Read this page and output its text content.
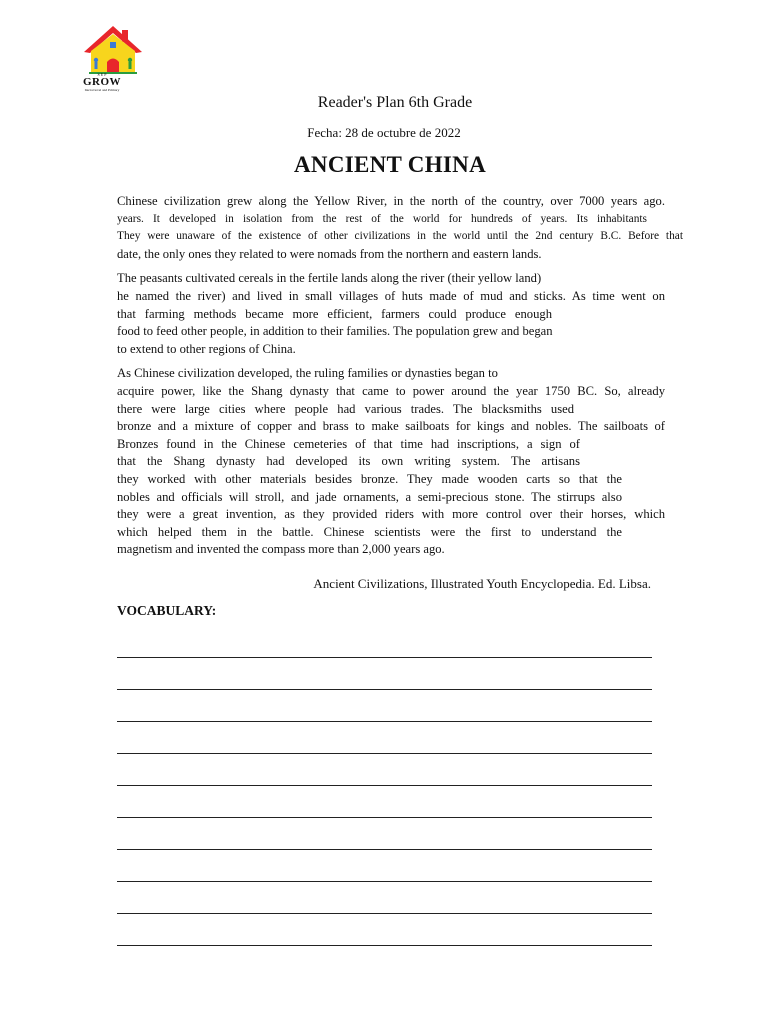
S E P
GROW
Inicial level and Primary
Reader's Plan 6th Grade
Fecha: 28 de octubre de 2022
ANCIENT CHINA
Chinese civilization grew along the Yellow River, in the north of the country, over 7000 years ago.
years. It developed in isolation from the rest of the world for hundreds of years. Its inhabitants
They were unaware of the existence of other civilizations in the world until the 2nd century B.C. Before that
date, the only ones they related to were nomads from the northern and eastern lands.
The peasants cultivated cereals in the fertile lands along the river (their yellow land)
he named the river) and lived in small villages of huts made of mud and sticks. As time went on
that farming methods became more efficient, farmers could produce enough
food to feed other people, in addition to their families. The population grew and began
to extend to other regions of China.
As Chinese civilization developed, the ruling families or dynasties began to
acquire power, like the Shang dynasty that came to power around the year 1750 BC. So, already
there were large cities where people had various trades. The blacksmiths used
bronze and a mixture of copper and brass to make sailboats for kings and nobles. The sailboats of
Bronzes found in the Chinese cemeteries of that time had inscriptions, a sign of
that the Shang dynasty had developed its own writing system. The artisans
they worked with other materials besides bronze. They made wooden carts so that the
nobles and officials will stroll, and jade ornaments, a semi-precious stone. The stirrups also
they were a great invention, as they provided riders with more control over their horses, which
which helped them in the battle. Chinese scientists were the first to understand the
magnetism and invented the compass more than 2,000 years ago.
Ancient Civilizations, Illustrated Youth Encyclopedia. Ed. Libsa.
VOCABULARY:
